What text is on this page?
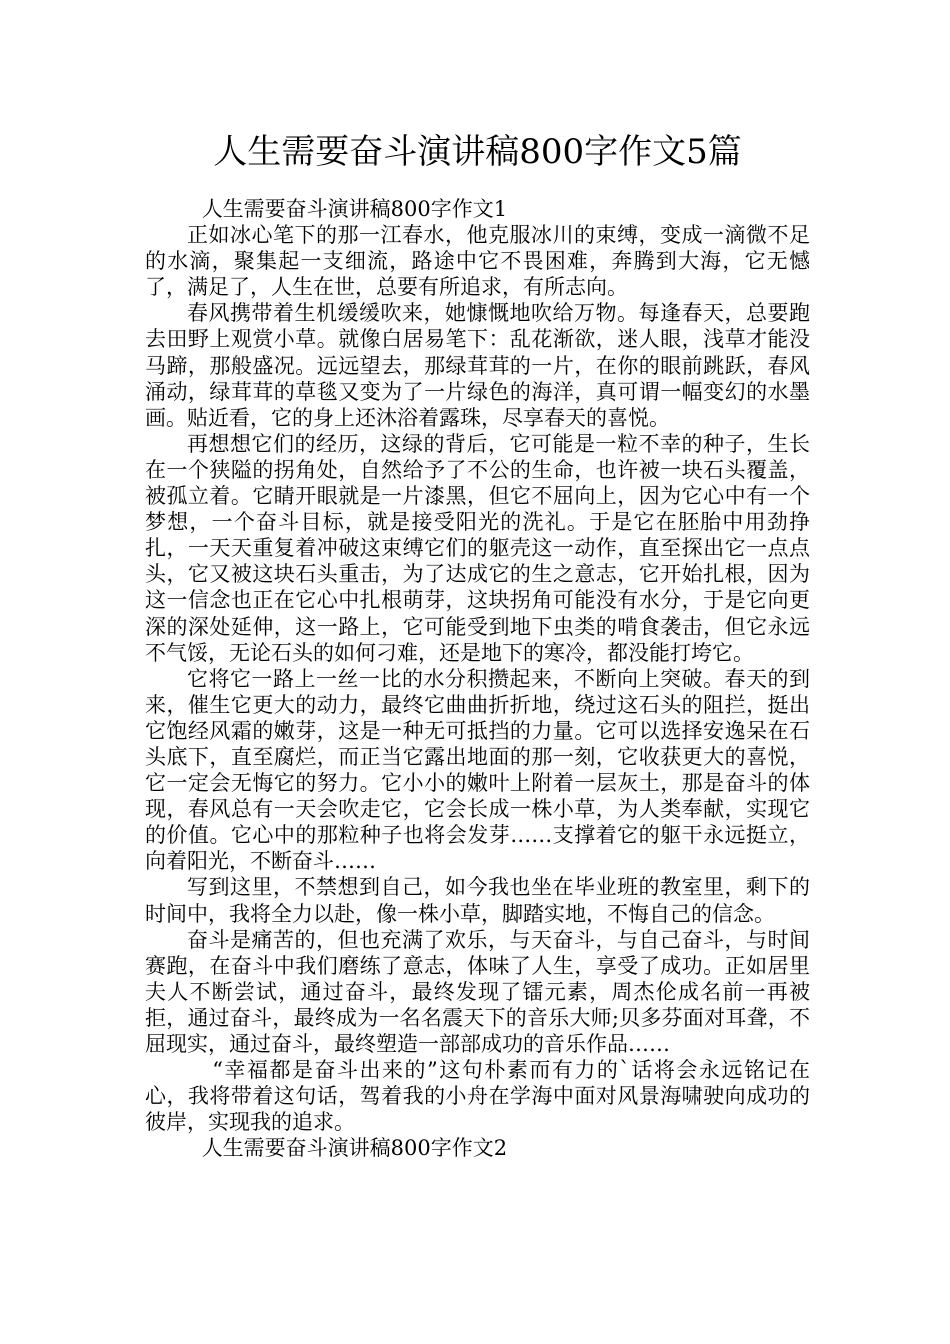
人生需要奋斗演讲稿800字作文5篇

人生需要奋斗演讲稿800字作文1

正如冰心笔下的那一江春水，他克服冰川的束缚，变成一滴微不足的水滴，聚集起一支细流，路途中它不畏困难，奔腾到大海，它无憾了，满足了，人生在世，总要有所追求，有所志向。

春风携带着生机缓缓吹来，她慷慨地吹给万物。每逢春天，总要跑去田野上观赏小草。就像白居易笔下：乱花渐欲，迷人眼，浅草才能没马蹄，那般盛况。远远望去，那绿茸茸的一片，在你的眼前跳跃，春风涌动，绿茸茸的草毯又变为了一片绿色的海洋，真可谓一幅变幻的水墨画。贴近看，它的身上还沐浴着露珠，尽享春天的喜悦。

再想想它们的经历，这绿的背后，它可能是一粒不幸的种子，生长在一个狭隘的拐角处，自然给予了不公的生命，也许被一块石头覆盖，被孤立着。它睛开眼就是一片漆黑，但它不屈向上，因为它心中有一个梦想，一个奋斗目标，就是接受阳光的洗礼。于是它在胚胎中用劲挣扎，一天天重复着冲破这束缚它们的躯壳这一动作，直至探出它一点点头，它又被这块石头重击，为了达成它的生之意志，它开始扎根，因为这一信念也正在它心中扎根萌芽，这块拐角可能没有水分，于是它向更深的深处延伸，这一路上，它可能受到地下虫类的啃食袭击，但它永远不气馁，无论石头的如何刁难，还是地下的寒冷，都没能打垮它。

它将它一路上一丝一比的水分积攒起来，不断向上突破。春天的到来，催生它更大的动力，最终它曲曲折折地，绕过这石头的阻拦，挺出它饱经风霜的嫩芽，这是一种无可抵挡的力量。它可以选择安逸呆在石头底下，直至腐烂，而正当它露出地面的那一刻，它收获更大的喜悦，它一定会无悔它的努力。它小小的嫩叶上附着一层灰土，那是奋斗的体现，春风总有一天会吹走它，它会长成一株小草，为人类奉献，实现它的价值。它心中的那粒种子也将会发芽……支撑着它的躯干永远挺立，向着阳光，不断奋斗……

写到这里，不禁想到自己，如今我也坐在毕业班的教室里，剩下的时间中，我将全力以赴，像一株小草，脚踏实地，不悔自己的信念。

奋斗是痛苦的，但也充满了欢乐，与天奋斗，与自己奋斗，与时间赛跑，在奋斗中我们磨练了意志，体味了人生，享受了成功。正如居里夫人不断尝试，通过奋斗，最终发现了镭元素，周杰伦成名前一再被拒，通过奋斗，最终成为一名名震天下的音乐大师;贝多芬面对耳聋，不屈现实，通过奋斗，最终塑造一部部成功的音乐作品……

“幸福都是奋斗出来的”这句朴素而有力的`话将会永远铭记在心，我将带着这句话，驾着我的小舟在学海中面对风景海啸驶向成功的彼岸，实现我的追求。

人生需要奋斗演讲稿800字作文2
